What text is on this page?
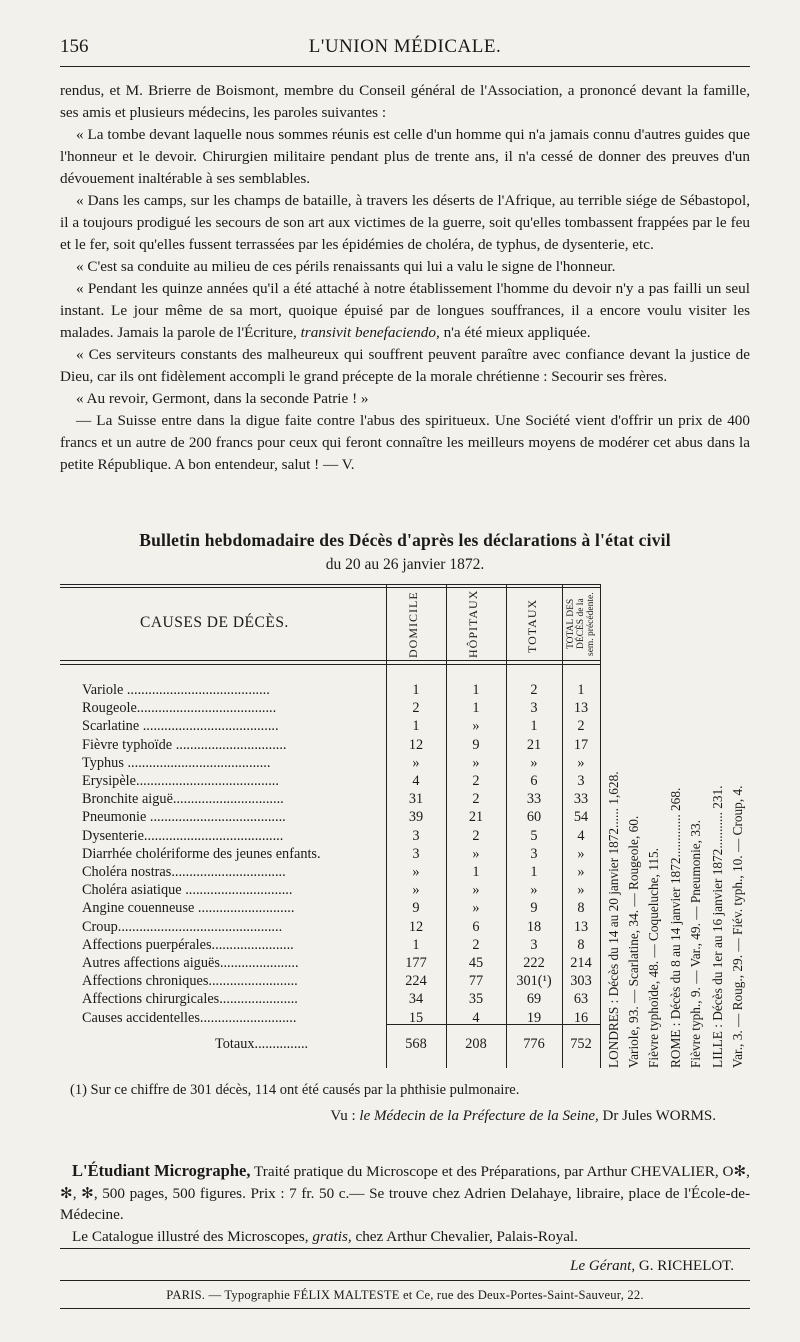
156	L'UNION MÉDICALE.

rendus, et M. Brierre de Boismont, membre du Conseil général de l'Association, a prononcé devant la famille, ses amis et plusieurs médecins, les paroles suivantes :

« La tombe devant laquelle nous sommes réunis est celle d'un homme qui n'a jamais connu d'autres guides que l'honneur et le devoir. Chirurgien militaire pendant plus de trente ans, il n'a cessé de donner des preuves d'un dévouement inaltérable à ses semblables.

« Dans les camps, sur les champs de bataille, à travers les déserts de l'Afrique, au terrible siége de Sébastopol, il a toujours prodigué les secours de son art aux victimes de la guerre, soit qu'elles tombassent frappées par le feu et le fer, soit qu'elles fussent terrassées par les épidémies de choléra, de typhus, de dysenterie, etc.

« C'est sa conduite au milieu de ces périls renaissants qui lui a valu le signe de l'honneur.

« Pendant les quinze années qu'il a été attaché à notre établissement l'homme du devoir n'y a pas failli un seul instant. Le jour même de sa mort, quoique épuisé par de longues souffrances, il a encore voulu visiter les malades. Jamais la parole de l'Écriture, transivit benefaciendo, n'a été mieux appliquée.

« Ces serviteurs constants des malheureux qui souffrent peuvent paraître avec confiance devant la justice de Dieu, car ils ont fidèlement accompli le grand précepte de la morale chrétienne : Secourir ses frères.

« Au revoir, Germont, dans la seconde Patrie ! »

— La Suisse entre dans la digue faite contre l'abus des spiritueux. Une Société vient d'offrir un prix de 400 francs et un autre de 200 francs pour ceux qui feront connaître les meilleurs moyens de modérer cet abus dans la petite République. A bon entendeur, salut ! — V.

Bulletin hebdomadaire des Décès d'après les déclarations à l'état civil
du 20 au 26 janvier 1872.
CAUSES DE DÉCÈS.	DOMICILE	HÔPITAUX	TOTAUX	TOTAL DES DÉCÈS de la sem. précédente.
Variole ........................................	1	1	2	1
Rougeole.......................................	2	1	3	13
Scarlatine ......................................	1	»	1	2
Fièvre typhoïde ...............................	12	9	21	17
Typhus ........................................	»	»	»	»
Erysipèle........................................	4	2	6	3
Bronchite aiguë...............................	31	2	33	33
Pneumonie ......................................	39	21	60	54
Dysenterie.......................................	3	2	5	4
Diarrhée cholériforme des jeunes enfants.	3	»	3	»
Choléra nostras................................	»	1	1	»
Choléra asiatique ..............................	»	»	»	»
Angine couenneuse ...........................	9	»	9	8
Croup..............................................	12	6	18	13
Affections puerpérales.......................	1	2	3	8
Autres affections aiguës......................	177	45	222	214
Affections chroniques.........................	224	77	301(¹)	303
Affections chirurgicales......................	34	35	69	63
Causes accidentelles...........................	15	4	19	16
Totaux...............	568	208	776	752	LONDRES : Décès du 14 au 20 janvier 1872...... 1,628. Variole, 93. — Scarlatine, 34. — Rougeole, 60. Fièvre typhoïde, 48. — Coqueluche, 115. ROME : Décès du 8 au 14 janvier 1872............. 268. Fièvre typh., 9. — Var., 49. — Pneumonie, 33. LILLE : Décès du 1er au 16 janvier 1872........... 231. Var., 3. — Roug., 29. — Fiév. typh., 10. — Croup, 4.
(1) Sur ce chiffre de 301 décès, 114 ont été causés par la phthisie pulmonaire.
Vu : le Médecin de la Préfecture de la Seine, Dr Jules WORMS.
L'Étudiant Micrographe, Traité pratique du Microscope et des Préparations, par Arthur CHEVALIER, O✻, ✻, ✻, 500 pages, 500 figures. Prix : 7 fr. 50 c.— Se trouve chez Adrien Delahaye, libraire, place de l'École-de-Médecine.
Le Catalogue illustré des Microscopes, gratis, chez Arthur Chevalier, Palais-Royal.
Le Gérant, G. RICHELOT.
PARIS. — Typographie FÉLIX MALTESTE et Ce, rue des Deux-Portes-Saint-Sauveur, 22.
